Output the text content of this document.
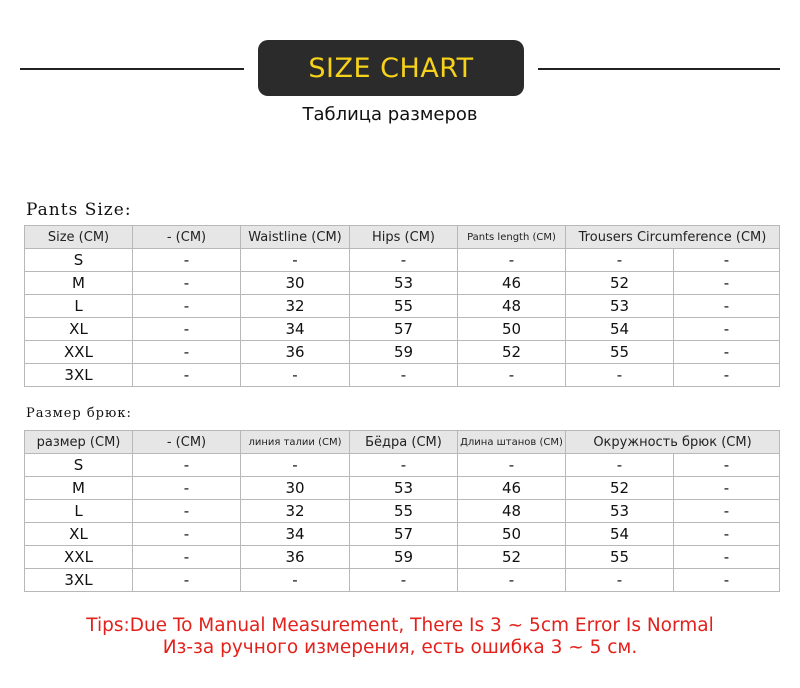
SIZE CHART
Таблица размеров
Pants Size:
Size (CM)	- (CM)	Waistline (CM)	Hips (CM)	Pants length (CM)	Trousers Circumference (CM)	
S	-	-	-	-	-	-
M	-	30	53	46	52	-
L	-	32	55	48	53	-
XL	-	34	57	50	54	-
XXL	-	36	59	52	55	-
3XL	-	-	-	-	-	-
Размер брюк:
размер (CM)	- (CM)	линия талии (CM)	Бёдра (CM)	Длина штанов (CM)	Окружность брюк (CM)	
S	-	-	-	-	-	-
M	-	30	53	46	52	-
L	-	32	55	48	53	-
XL	-	34	57	50	54	-
XXL	-	36	59	52	55	-
3XL	-	-	-	-	-	-
Tips:Due To Manual Measurement, There Is 3 ~ 5cm Error Is Normal
Из-за ручного измерения, есть ошибка 3 ~ 5 см.
